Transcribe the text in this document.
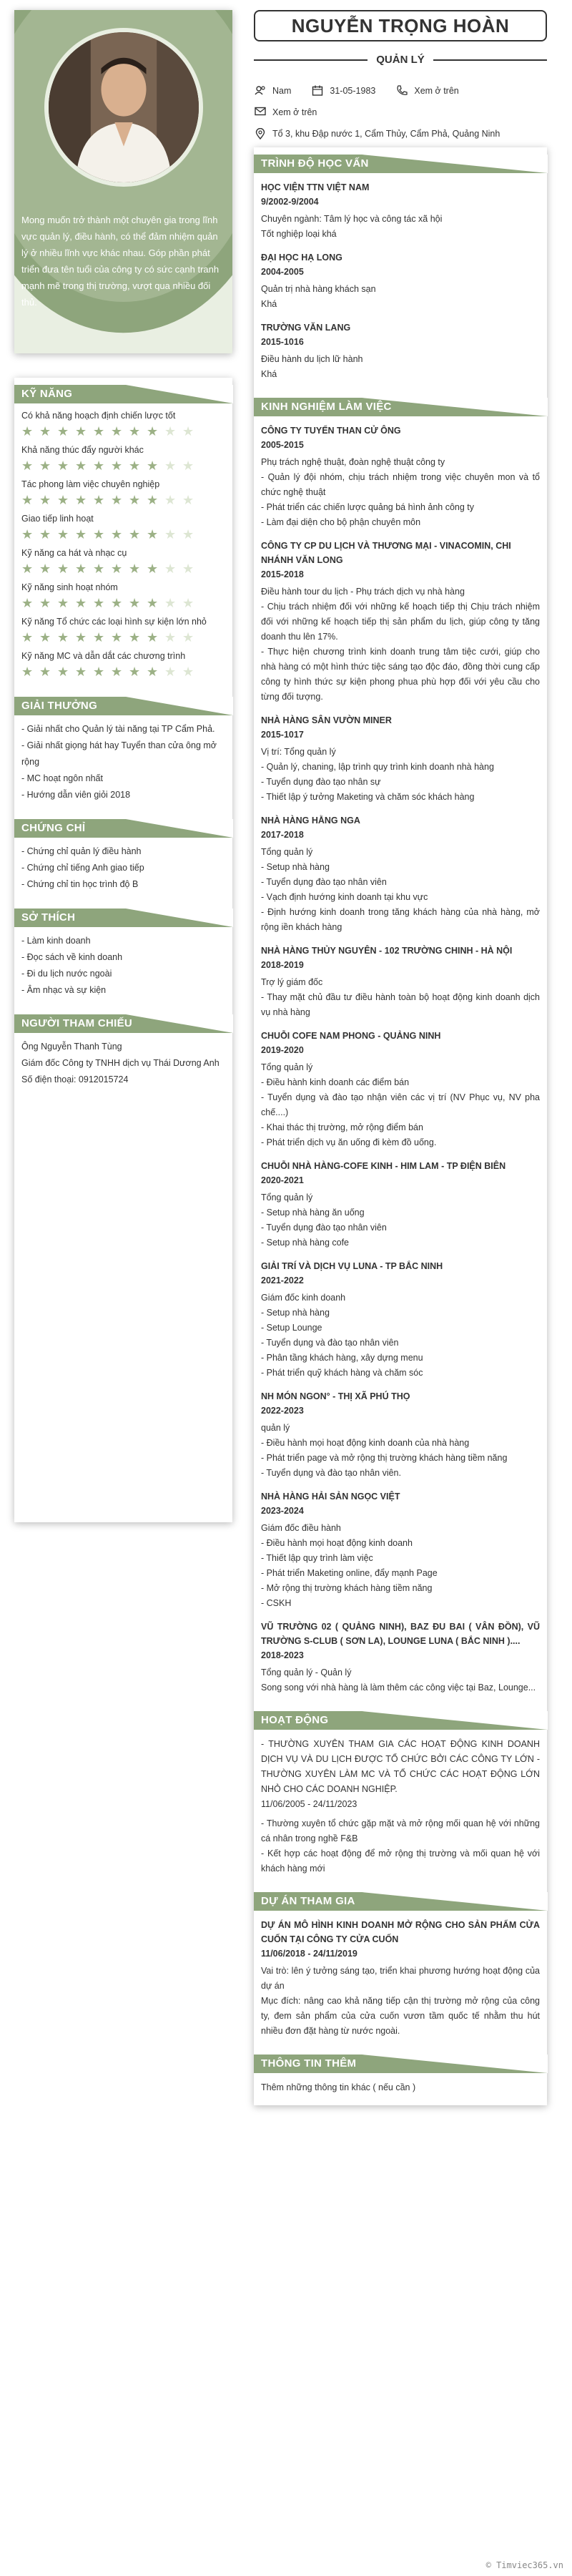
Mong muốn trở thành một chuyên gia trong lĩnh vực quản lý, điều hành, có thể đảm nhiệm quản lý ở nhiều lĩnh vực khác nhau. Góp phần phát triển đưa tên tuổi của công ty có sức cạnh tranh mạnh mẽ trong thị trường, vượt qua nhiều đối thủ.
KỸ NĂNG
Có khả năng hoạch định chiến lược tốt
★ ★ ★ ★ ★ ★ ★ ★ ★ ★
Khả năng thúc đẩy người khác
★ ★ ★ ★ ★ ★ ★ ★ ★ ★
Tác phong làm việc chuyên nghiệp
★ ★ ★ ★ ★ ★ ★ ★ ★ ★
Giao tiếp linh hoạt
★ ★ ★ ★ ★ ★ ★ ★ ★ ★
Kỹ năng ca hát và nhạc cụ
★ ★ ★ ★ ★ ★ ★ ★ ★ ★
Kỹ năng sinh hoạt nhóm
★ ★ ★ ★ ★ ★ ★ ★ ★ ★
Kỹ năng Tổ chức các loại hình sự kiện lớn nhỏ
★ ★ ★ ★ ★ ★ ★ ★ ★ ★
Kỹ năng MC và dẫn dắt các chương trình
★ ★ ★ ★ ★ ★ ★ ★ ★ ★
GIẢI THƯỞNG
- Giải nhất cho Quản lý tài năng tại TP Cẩm Phả.
- Giải nhất giọng hát hay Tuyển than cửa ông mở rộng
- MC hoạt ngôn nhất
- Hướng dẫn viên giỏi 2018
CHỨNG CHỈ
- Chứng chỉ quản lý điều hành
- Chứng chỉ tiếng Anh giao tiếp
- Chứng chỉ tin học trình độ B
SỞ THÍCH
- Làm kinh doanh
- Đọc sách về kinh doanh
- Đi du lịch nước ngoài
- Âm nhạc và sự kiện
NGƯỜI THAM CHIẾU
Ông Nguyễn Thanh Tùng
Giám đốc Công ty TNHH dịch vụ Thái Dương Anh
Số điện thoại: 0912015724
NGUYỄN TRỌNG HOÀN
QUẢN LÝ
Nam	31-05-1983	Xem ở trên
Xem ở trên
Tổ 3, khu Đập nước 1, Cẩm Thủy, Cẩm Phả, Quảng Ninh
TRÌNH ĐỘ HỌC VẤN
HỌC VIỆN TTN VIỆT NAM
9/2002-9/2004
Chuyên ngành: Tâm lý học và công tác xã hội
Tốt nghiệp loại khá
ĐẠI HỌC HẠ LONG
2004-2005
Quản trị nhà hàng khách sạn
Khá
TRƯỜNG VĂN LANG
2015-1016
Điều hành du lịch lữ hành
Khá
KINH NGHIỆM LÀM VIỆC
CÔNG TY TUYỂN THAN CỬ ÔNG
2005-2015
Phụ trách nghệ thuật, đoàn nghệ thuật công ty
- Quản lý đội nhóm, chịu trách nhiệm trong việc chuyên mon và tổ chức nghệ thuật
- Phát triển các chiến lược quảng bá hình ảnh công ty
- Làm đại diện cho bộ phận chuyên môn
CÔNG TY CP DU LỊCH VÀ THƯƠNG MẠI - VINACOMIN, CHI NHÁNH VĂN LONG
2015-2018
Điều hành tour du lịch - Phụ trách dịch vụ nhà hàng
- Chịu trách nhiệm đối với những kế hoạch tiếp thị Chịu trách nhiệm đối với những kế hoạch tiếp thị sản phẩm du lịch, giúp công ty tăng doanh thu lên 17%.
- Thực hiện chương trình kinh doanh trung tâm tiệc cưới, giúp cho nhà hàng có một hình thức tiệc sáng tạo độc đáo, đồng thời cung cấp công ty hình thức sự kiện phong phua phù hợp đối với yêu cầu cho từng đối tượng.
NHÀ HÀNG SÂN VƯỜN MINER
2015-1017
Vị trí: Tổng quản lý
- Quản lý, chaning, lập trình quy trình kinh doanh nhà hàng
- Tuyển dụng đào tạo nhân sự
- Thiết lập ý tưởng Maketing và chăm sóc khách hàng
NHÀ HÀNG HẰNG NGA
2017-2018
Tổng quản lý
- Setup nhà hàng
- Tuyển dụng đào tạo nhân viên
- Vạch định hướng kinh doanh tại khu vực
- Định hướng kinh doanh trong tăng khách hàng của nhà hàng, mở rộng iền khách hàng
NHÀ HÀNG THỦY NGUYÊN - 102 TRƯỜNG CHINH - HÀ NỘI
2018-2019
Trợ lý giám đốc
- Thay mặt chủ đầu tư điều hành toàn bộ hoạt động kinh doanh dịch vụ nhà hàng
CHUỖI COFE NAM PHONG - QUẢNG NINH
2019-2020
Tổng quản lý
- Điều hành kinh doanh các điểm bán
- Tuyển dụng và đào tạo nhận viên các vị trí (NV Phục vụ, NV pha chế....)
- Khai thác thị trường, mở rộng điểm bán
- Phát triển dịch vụ ăn uống đi kèm đồ uống.
CHUỖI NHÀ HÀNG-COFE KINH - HIM LAM - TP ĐIỆN BIÊN
2020-2021
Tổng quản lý
- Setup nhà hàng ăn uống
- Tuyển dụng đào tạo nhân viên
- Setup nhà hàng cofe
GIẢI TRÍ VÀ DỊCH VỤ LUNA - TP BẮC NINH
2021-2022
Giám đốc kinh doanh
- Setup nhà hàng
- Setup Lounge
- Tuyển dụng và đào tạo nhân viên
- Phân tầng khách hàng, xây dựng menu
- Phát triển quỹ khách hàng và chăm sóc
NH MÓN NGON° - THỊ XÃ PHÚ THỌ
2022-2023
quản lý
- Điều hành mọi hoạt động kinh doanh của nhà hàng
- Phát triển page và mở rộng thị trường khách hàng tiềm năng
- Tuyển dụng và đào tạo nhân viên.
NHÀ HÀNG HẢI SẢN NGỌC VIỆT
2023-2024
Giám đốc điều hành
- Điều hành mọi hoạt động kinh doanh
- Thiết lập quy trình làm việc
- Phát triển Maketing online, đẩy mạnh Page
- Mở rộng thị trường khách hàng tiềm năng
- CSKH
VŨ TRƯỜNG 02 ( QUẢNG NINH), BAZ ĐU BAI ( VÂN ĐỒN), VŨ TRƯỜNG S-CLUB ( SƠN LA), LOUNGE LUNA ( BẮC NINH )....
2018-2023
Tổng quản lý - Quản lý
Song song với nhà hàng là làm thêm các công việc tại Baz, Lounge...
HOẠT ĐỘNG
- THƯỜNG XUYÊN THAM GIA CÁC HOẠT ĐỘNG KINH DOANH DỊCH VỤ VÀ DU LỊCH ĐƯỢC TỔ CHỨC BỞI CÁC CÔNG TY LỚN - THƯỜNG XUYÊN LÀM MC VÀ TỔ CHỨC CÁC HOẠT ĐỘNG LỚN NHỎ CHO CÁC DOANH NGHIỆP.
11/06/2005 - 24/11/2023
- Thường xuyên tổ chức gặp mặt và mở rộng mối quan hệ với những cá nhân trong nghề F&B
- Kết hợp các hoạt động để mở rộng thị trường và mối quan hệ với khách hàng mới
DỰ ÁN THAM GIA
DỰ ÁN MÔ HÌNH KINH DOANH MỞ RỘNG CHO SẢN PHẨM CỬA CUỐN TẠI CÔNG TY CỬA CUỐN
11/06/2018 - 24/11/2019
Vai trò: lên ý tưởng sáng tạo, triển khai phương hướng hoạt động của dự án
Mục đích: nâng cao khả năng tiếp cận thị trường mở rộng của công ty, đem sản phẩm của cửa cuốn vươn tầm quốc tế nhằm thu hút nhiều đơn đặt hàng từ nước ngoài.
THÔNG TIN THÊM
Thêm những thông tin khác ( nếu cần )
© Timviec365.vn
